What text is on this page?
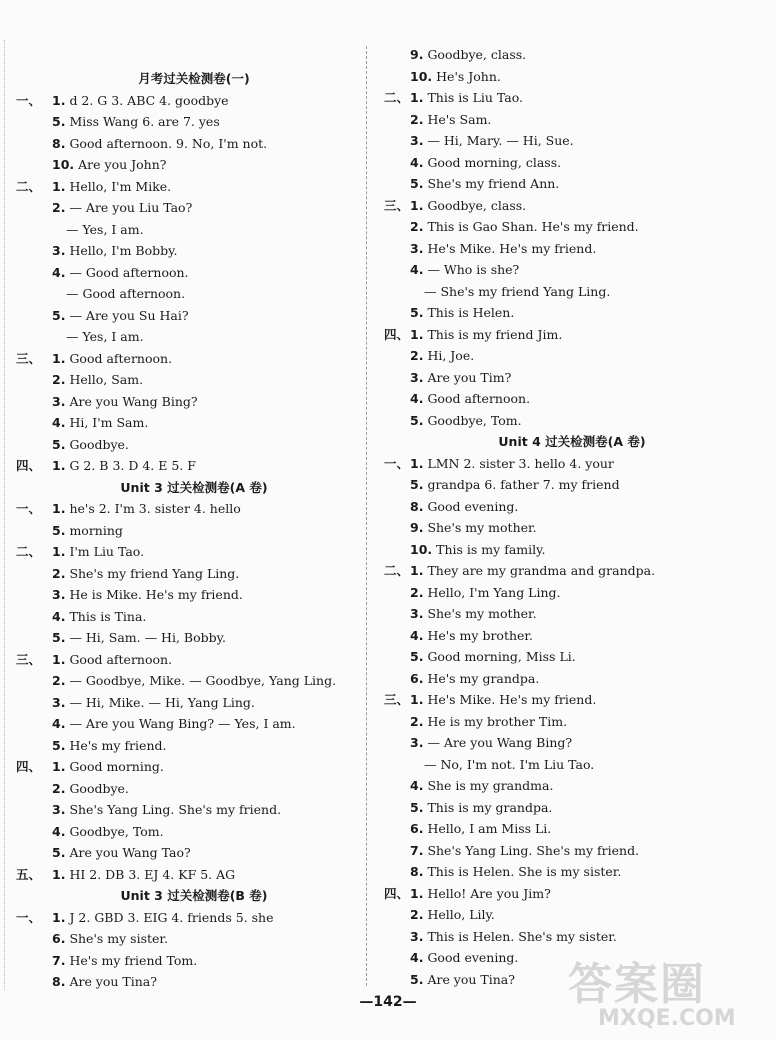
月考过关检测卷(一)
一、 1. d 2. G 3. ABC 4. goodbye
5. Miss Wang 6. are 7. yes
8. Good afternoon. 9. No, I'm not.
10. Are you John?
二、 1. Hello, I'm Mike.
2. — Are you Liu Tao?
— Yes, I am.
3. Hello, I'm Bobby.
4. — Good afternoon.
— Good afternoon.
5. — Are you Su Hai?
— Yes, I am.
三、 1. Good afternoon.
2. Hello, Sam.
3. Are you Wang Bing?
4. Hi, I'm Sam.
5. Goodbye.
四、 1. G 2. B 3. D 4. E 5. F
Unit 3 过关检测卷(A 卷)
一、 1. he's 2. I'm 3. sister 4. hello
5. morning
二、 1. I'm Liu Tao.
2. She's my friend Yang Ling.
3. He is Mike. He's my friend.
4. This is Tina.
5. — Hi, Sam. — Hi, Bobby.
三、 1. Good afternoon.
2. — Goodbye, Mike. — Goodbye, Yang Ling.
3. — Hi, Mike. — Hi, Yang Ling.
4. — Are you Wang Bing? — Yes, I am.
5. He's my friend.
四、 1. Good morning.
2. Goodbye.
3. She's Yang Ling. She's my friend.
4. Goodbye, Tom.
5. Are you Wang Tao?
五、 1. HI 2. DB 3. EJ 4. KF 5. AG
Unit 3 过关检测卷(B 卷)
一、 1. J 2. GBD 3. EIG 4. friends 5. she
6. She's my sister.
7. He's my friend Tom.
8. Are you Tina?
9. Goodbye, class.
10. He's John.
二、 1. This is Liu Tao.
2. He's Sam.
3. — Hi, Mary. — Hi, Sue.
4. Good morning, class.
5. She's my friend Ann.
三、 1. Goodbye, class.
2. This is Gao Shan. He's my friend.
3. He's Mike. He's my friend.
4. — Who is she?
— She's my friend Yang Ling.
5. This is Helen.
四、 1. This is my friend Jim.
2. Hi, Joe.
3. Are you Tim?
4. Good afternoon.
5. Goodbye, Tom.
Unit 4 过关检测卷(A 卷)
一、 1. LMN 2. sister 3. hello 4. your
5. grandpa 6. father 7. my friend
8. Good evening.
9. She's my mother.
10. This is my family.
二、 1. They are my grandma and grandpa.
2. Hello, I'm Yang Ling.
3. She's my mother.
4. He's my brother.
5. Good morning, Miss Li.
6. He's my grandpa.
三、 1. He's Mike. He's my friend.
2. He is my brother Tim.
3. — Are you Wang Bing?
— No, I'm not. I'm Liu Tao.
4. She is my grandma.
5. This is my grandpa.
6. Hello, I am Miss Li.
7. She's Yang Ling. She's my friend.
8. This is Helen. She is my sister.
四、 1. Hello! Are you Jim?
2. Hello, Lily.
3. This is Helen. She's my sister.
4. Good evening.
5. Are you Tina?
—142—	答案圈
MXQE.COM
